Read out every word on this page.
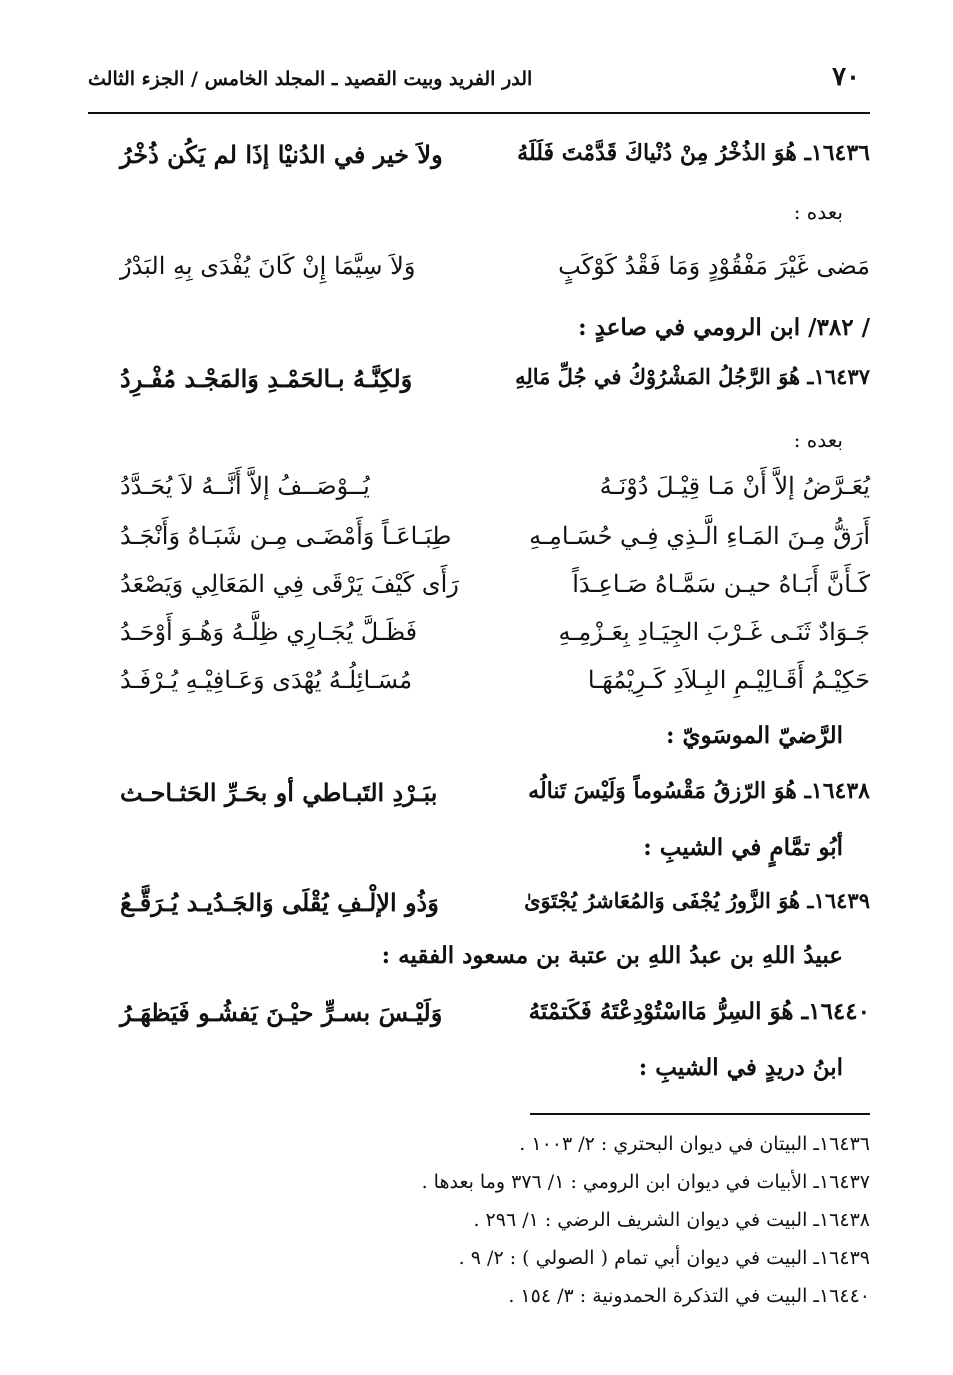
٧٠
الدر الفريد وبيت القصيد ـ المجلد الخامس / الجزء الثالث
١٦٤٣٦ـ هُوَ الذُخْرُ مِنْ دُنْياكَ قَدَّمْتَ فَلَلَهُ
ولاَ خير في الدُنيْا إذَا لم يَكُن ذُخْرُ
بعده :
مَضى غَيْرَ مَفْقُوْدٍ وَمَا فَقْدُ كَوْكَبٍ
وَلاَ سِيَّمَا إِنْ كَانَ يُفْدَى بِهِ البَدْرُ
/ ٣٨٢/ ابن الرومي في صاعدٍ :
١٦٤٣٧ـ هُوَ الرَّجُلُ المَشْرُوْكُ في جُلِّ مَالِهِ
وَلكِنَّـهُ بـالحَمْـدِ وَالمَجْـد مُفْـرِدُ
بعده :
يُعَـرَّضُ إلاَّ أَنْ مَـا قِيْـلَ دُوْنَـهُ
يُــوْصَــفُ إلاَّ أَنَّــهُ لاَ يُحَـدَّدُ
أَرَقُّ مِـنَ المَـاءِ الَّـذِي فِـي حُسَـامِـهِ
طِبَـاعَـاً وَأَمْضَـى مِـن شَبَـاهُ وَأَنْجَـدُ
كَـأَنَّ أَبَـاهُ حيـن سَمَّـاهُ صَـاعِـدَاً
رَأَى كَيْفَ يَرْقَى فِي المَعَالِي وَيَصْعَدُ
جَـوَادٌ ثَنَـى غَـرْبَ الجِيَـادِ بِعَـزْمِـهِ
فَظَـلَّ يُجَـارِي ظِلَّـهُ وَهُـوَ أَوْحَـدُ
حَكِيْـمُ أَقَـالِيْـمِ البِـلاَدِ كَـرِيْمُهَـا
مُسَـائِلُـهُ يُهْدَى وَعَـافِيْـهِ يُـرْفَـدُ
الرَّضيّ الموسَويّ :
١٦٤٣٨ـ هُوَ الرّزقُ مَقْسُوماً وَلَيْسَ تَنالُه
ببَـرْدِ التَبـاطي أو بحَـرِّ الحَثـاحـث
أبُو تمَّامٍ في الشيبِ :
١٦٤٣٩ـ هُوَ الزَّورُ يُجْفَى وَالمُعَاشرُ يُجْتَوَىٰ
وَذُو الإلْـفِ يُقْلَى وَالجَـدُيـد يُـرَقَّـعُ
عبيدُ اللهِ بن عبدُ اللهِ بن عتبة بن مسعود الفقيه :
١٦٤٤٠ـ هُوَ السِرُّ مَااسْتُوْدِعْتَهُ فَكَتمْتَهُ
وَلَيْـسَ بسـرٍّ حيْـنَ يَفشُـو فَيَظهَـرُ
ابنُ دريدٍ في الشيبِ :
١٦٤٣٦ـ البيتان في ديوان البحتري : ٢/ ١٠٠٣ .
١٦٤٣٧ـ الأبيات في ديوان ابن الرومي : ١/ ٣٧٦ وما بعدها .
١٦٤٣٨ـ البيت في ديوان الشريف الرضي : ١/ ٢٩٦ .
١٦٤٣٩ـ البيت في ديوان أبي تمام ( الصولي ) : ٢/ ٩ .
١٦٤٤٠ـ البيت في التذكرة الحمدونية : ٣/ ١٥٤ .
